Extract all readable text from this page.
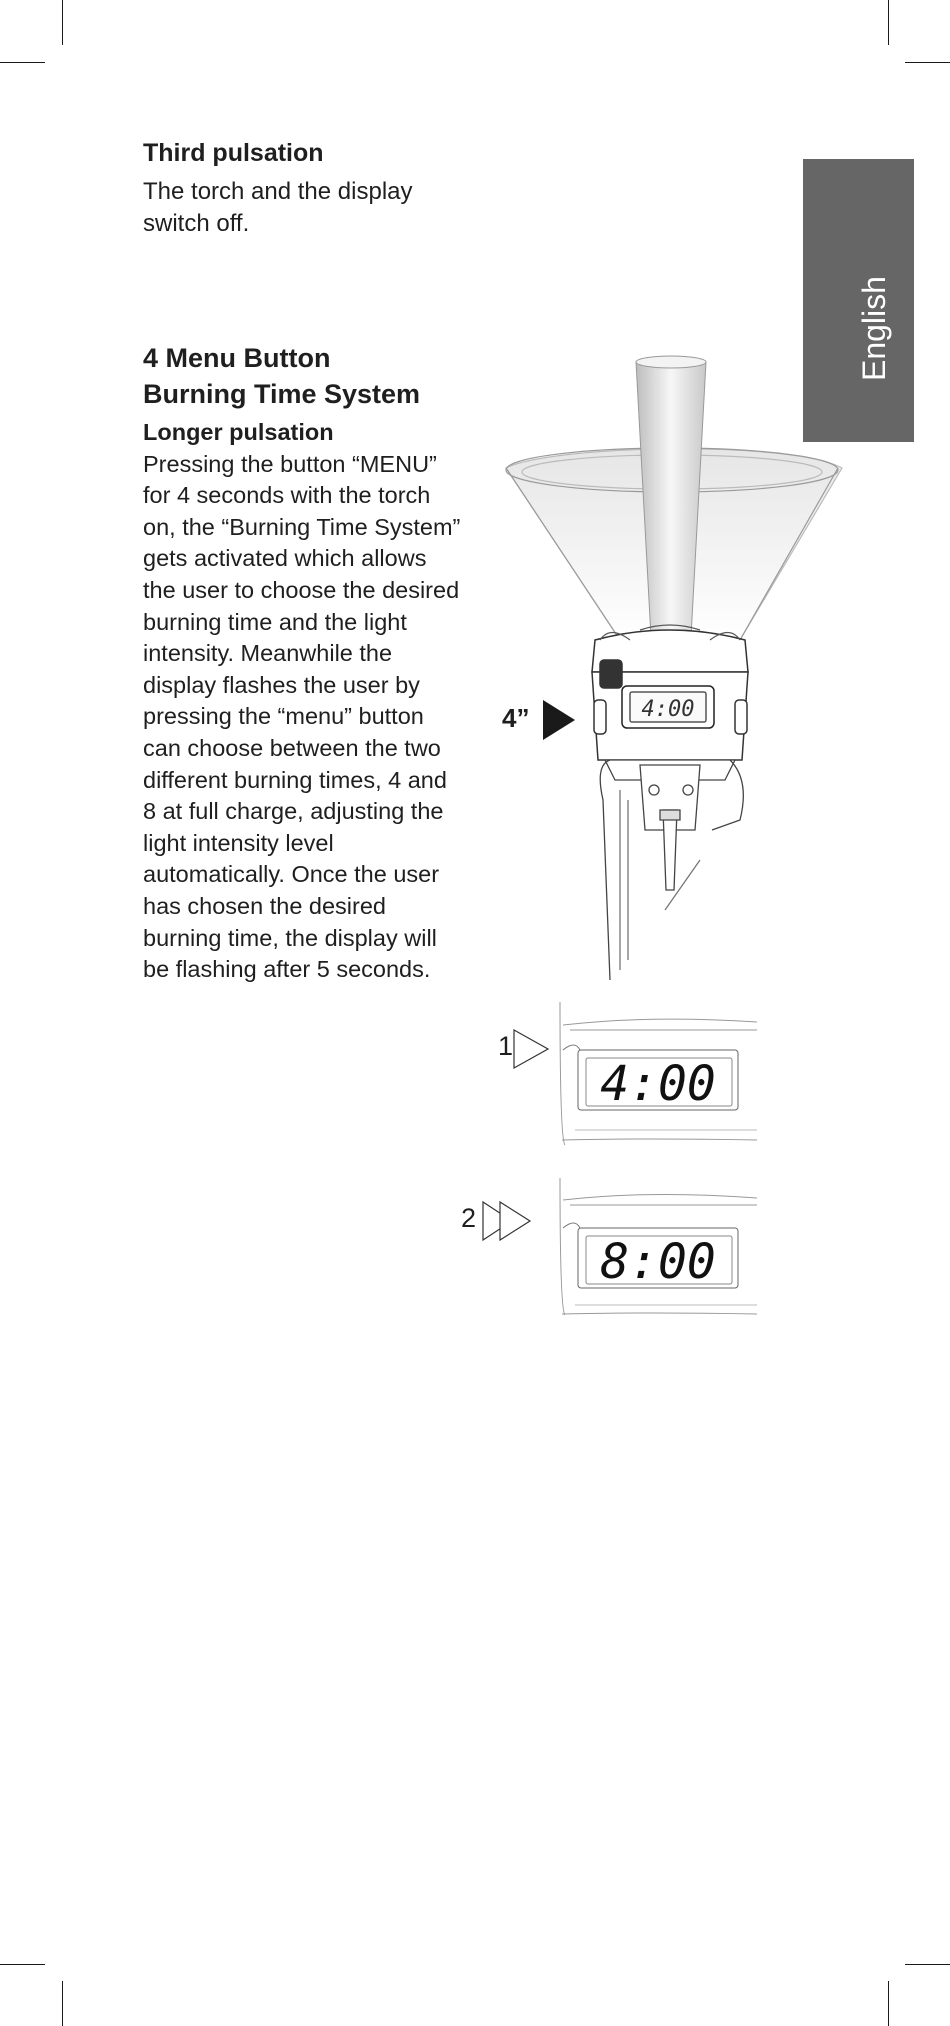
English
Third pulsation

The torch and the display
switch off.

4 Menu Button
Burning Time System

Longer pulsation
Pressing the button “MENU” for 4 seconds with the torch on, the “Burning Time System” gets activated which allows the user to choose the desired burning time and the light intensity. Meanwhile the display flashes the user by pressing the “menu” button can choose between the two different burning times, 4 and 8 at full charge, adjusting the light intensity level automatically. Once the user has chosen the desired burning time, the display will be flashing after 5 seconds.

4:00
4:00
8:00
4”
1
2
